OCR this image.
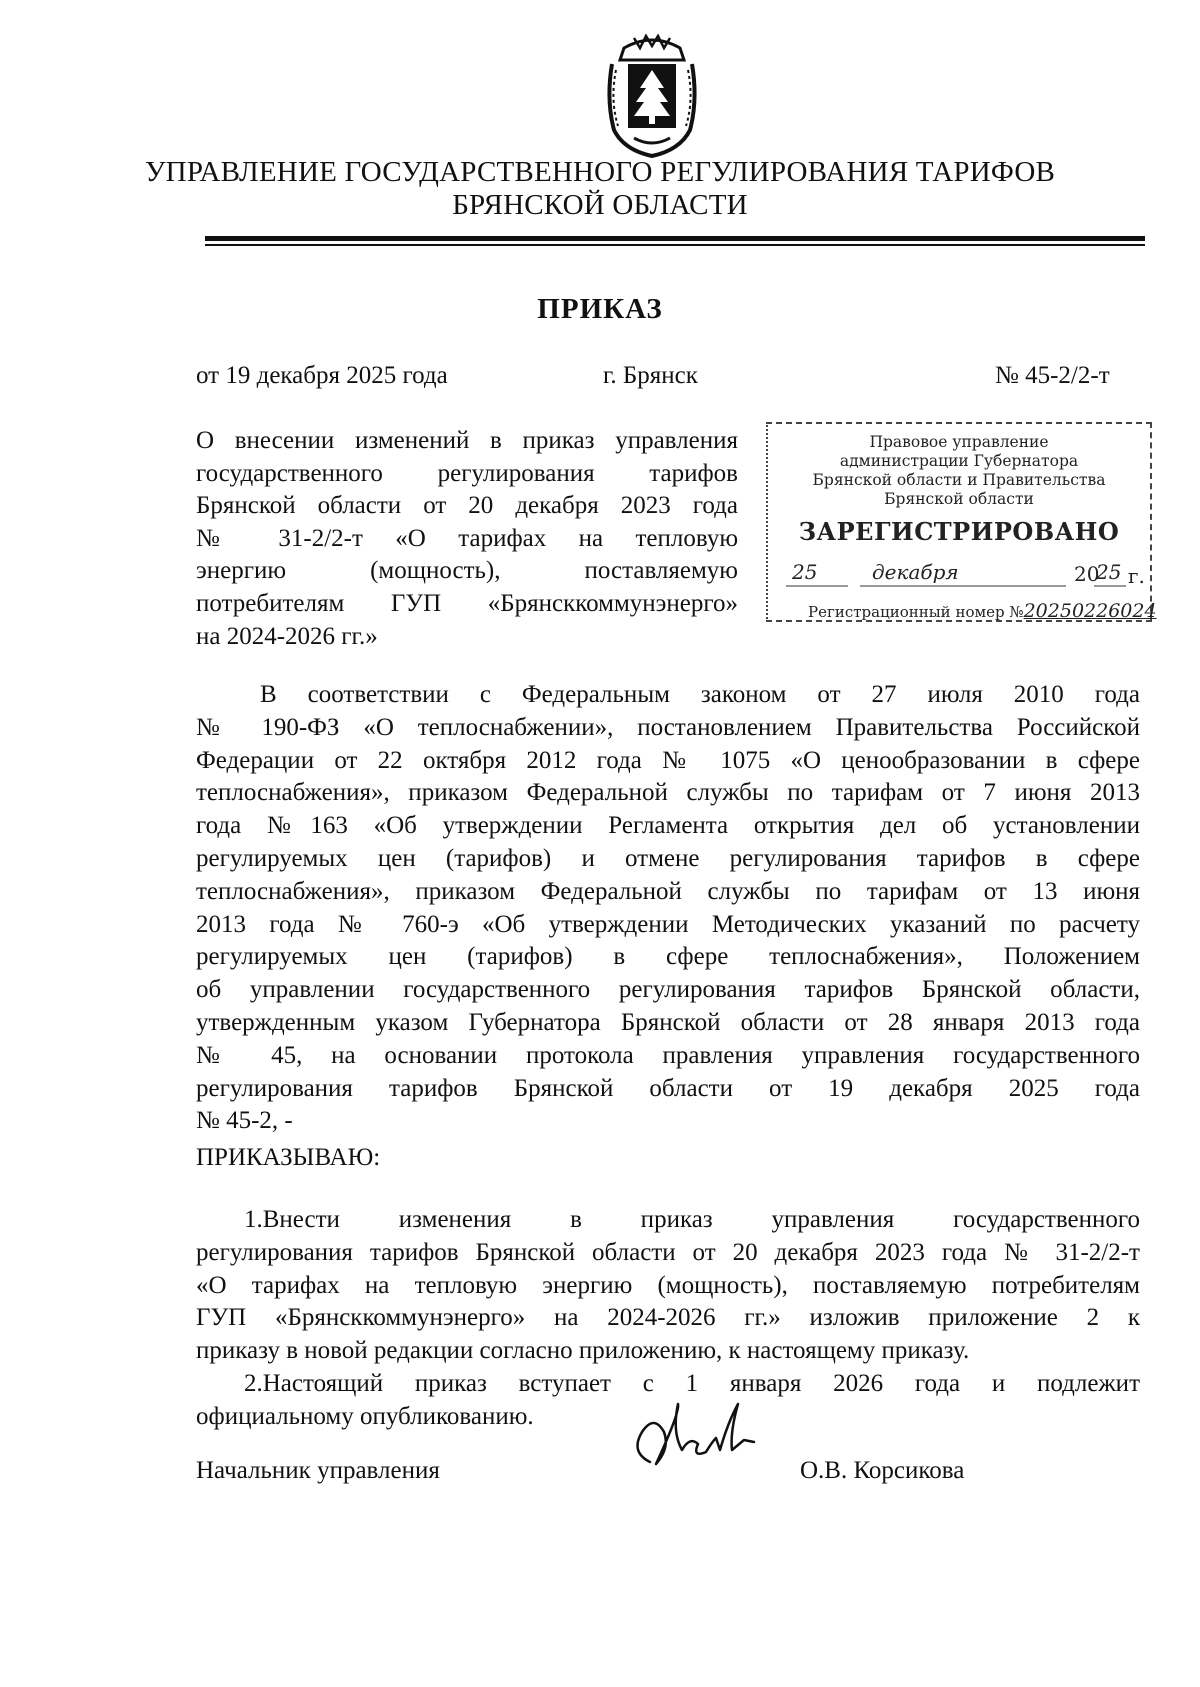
УПРАВЛЕНИЕ ГОСУДАРСТВЕННОГО РЕГУЛИРОВАНИЯ ТАРИФОВ
БРЯНСКОЙ ОБЛАСТИ
ПРИКАЗ
от 19 декабря 2025 года	г. Брянск	№ 45-2/2-т
О внесении изменений в приказ управления
государственного регулирования тарифов
Брянской области от 20 декабря 2023 года
№ 31-2/2-т «О тарифах на тепловую
энергию (мощность), поставляемую
потребителям ГУП «Брянсккоммунэнерго»
на 2024-2026 гг.»
Правовое управление
администрации Губернатора
Брянской области и Правительства
Брянской области
ЗАРЕГИСТРИРОВАНО
25	декабря	20
25 г.
Регистрационный номер №20250226024
В соответствии с Федеральным законом от 27 июля 2010 года
№ 190-ФЗ «О теплоснабжении», постановлением Правительства Российской
Федерации от 22 октября 2012 года № 1075 «О ценообразовании в сфере
теплоснабжения», приказом Федеральной службы по тарифам от 7 июня 2013
года №163 «Об утверждении Регламента открытия дел об установлении
регулируемых цен (тарифов) и отмене регулирования тарифов в сфере
теплоснабжения», приказом Федеральной службы по тарифам от 13 июня
2013 года № 760-э «Об утверждении Методических указаний по расчету
регулируемых цен (тарифов) в сфере теплоснабжения», Положением
об управлении государственного регулирования тарифов Брянской области,
утвержденным указом Губернатора Брянской области от 28 января 2013 года
№ 45, на основании протокола правления управления государственного
регулирования тарифов Брянской области от 19 декабря 2025 года
№ 45-2, -
ПРИКАЗЫВАЮ:
1.Внести изменения в приказ управления государственного
регулирования тарифов Брянской области от 20 декабря 2023 года № 31-2/2-т
«О тарифах на тепловую энергию (мощность), поставляемую потребителям
ГУП «Брянсккоммунэнерго» на 2024-2026 гг.» изложив приложение 2 к
приказу в новой редакции согласно приложению, к настоящему приказу.
2.Настоящий приказ вступает с 1 января 2026 года и подлежит
официальному опубликованию.
Начальник управления	О.В. Корсикова
